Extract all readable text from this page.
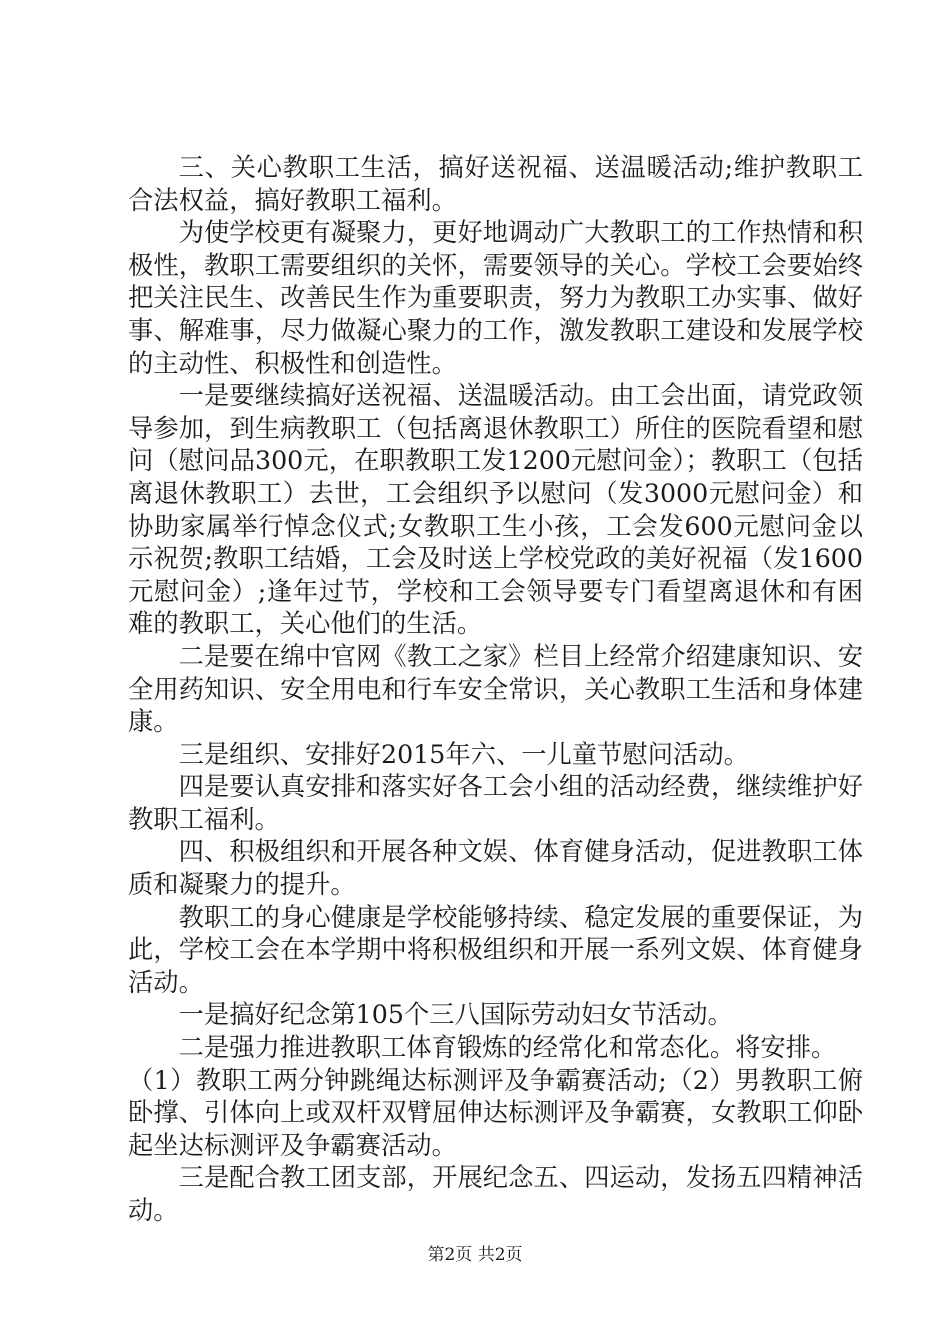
三、关心教职工生活，搞好送祝福、送温暖活动;维护教职工合法权益，搞好教职工福利。

为使学校更有凝聚力，更好地调动广大教职工的工作热情和积极性，教职工需要组织的关怀，需要领导的关心。学校工会要始终把关注民生、改善民生作为重要职责，努力为教职工办实事、做好事、解难事，尽力做凝心聚力的工作，激发教职工建设和发展学校的主动性、积极性和创造性。

一是要继续搞好送祝福、送温暖活动。由工会出面，请党政领导参加，到生病教职工（包括离退休教职工）所住的医院看望和慰问（慰问品300元，在职教职工发1200元慰问金）；教职工（包括离退休教职工）去世，工会组织予以慰问（发3000元慰问金）和协助家属举行悼念仪式;女教职工生小孩，工会发600元慰问金以示祝贺;教职工结婚，工会及时送上学校党政的美好祝福（发1600元慰问金）;逢年过节，学校和工会领导要专门看望离退休和有困难的教职工，关心他们的生活。

二是要在绵中官网《教工之家》栏目上经常介绍建康知识、安全用药知识、安全用电和行车安全常识，关心教职工生活和身体建康。

三是组织、安排好2015年六、一儿童节慰问活动。

四是要认真安排和落实好各工会小组的活动经费，继续维护好教职工福利。

四、积极组织和开展各种文娱、体育健身活动，促进教职工体质和凝聚力的提升。

教职工的身心健康是学校能够持续、稳定发展的重要保证，为此，学校工会在本学期中将积极组织和开展一系列文娱、体育健身活动。

一是搞好纪念第105个三八国际劳动妇女节活动。

二是强力推进教职工体育锻炼的经常化和常态化。将安排。

（1）教职工两分钟跳绳达标测评及争霸赛活动;（2）男教职工俯卧撑、引体向上或双杆双臂屈伸达标测评及争霸赛，女教职工仰卧起坐达标测评及争霸赛活动。

三是配合教工团支部，开展纪念五、四运动，发扬五四精神活动。

第2页 共2页
